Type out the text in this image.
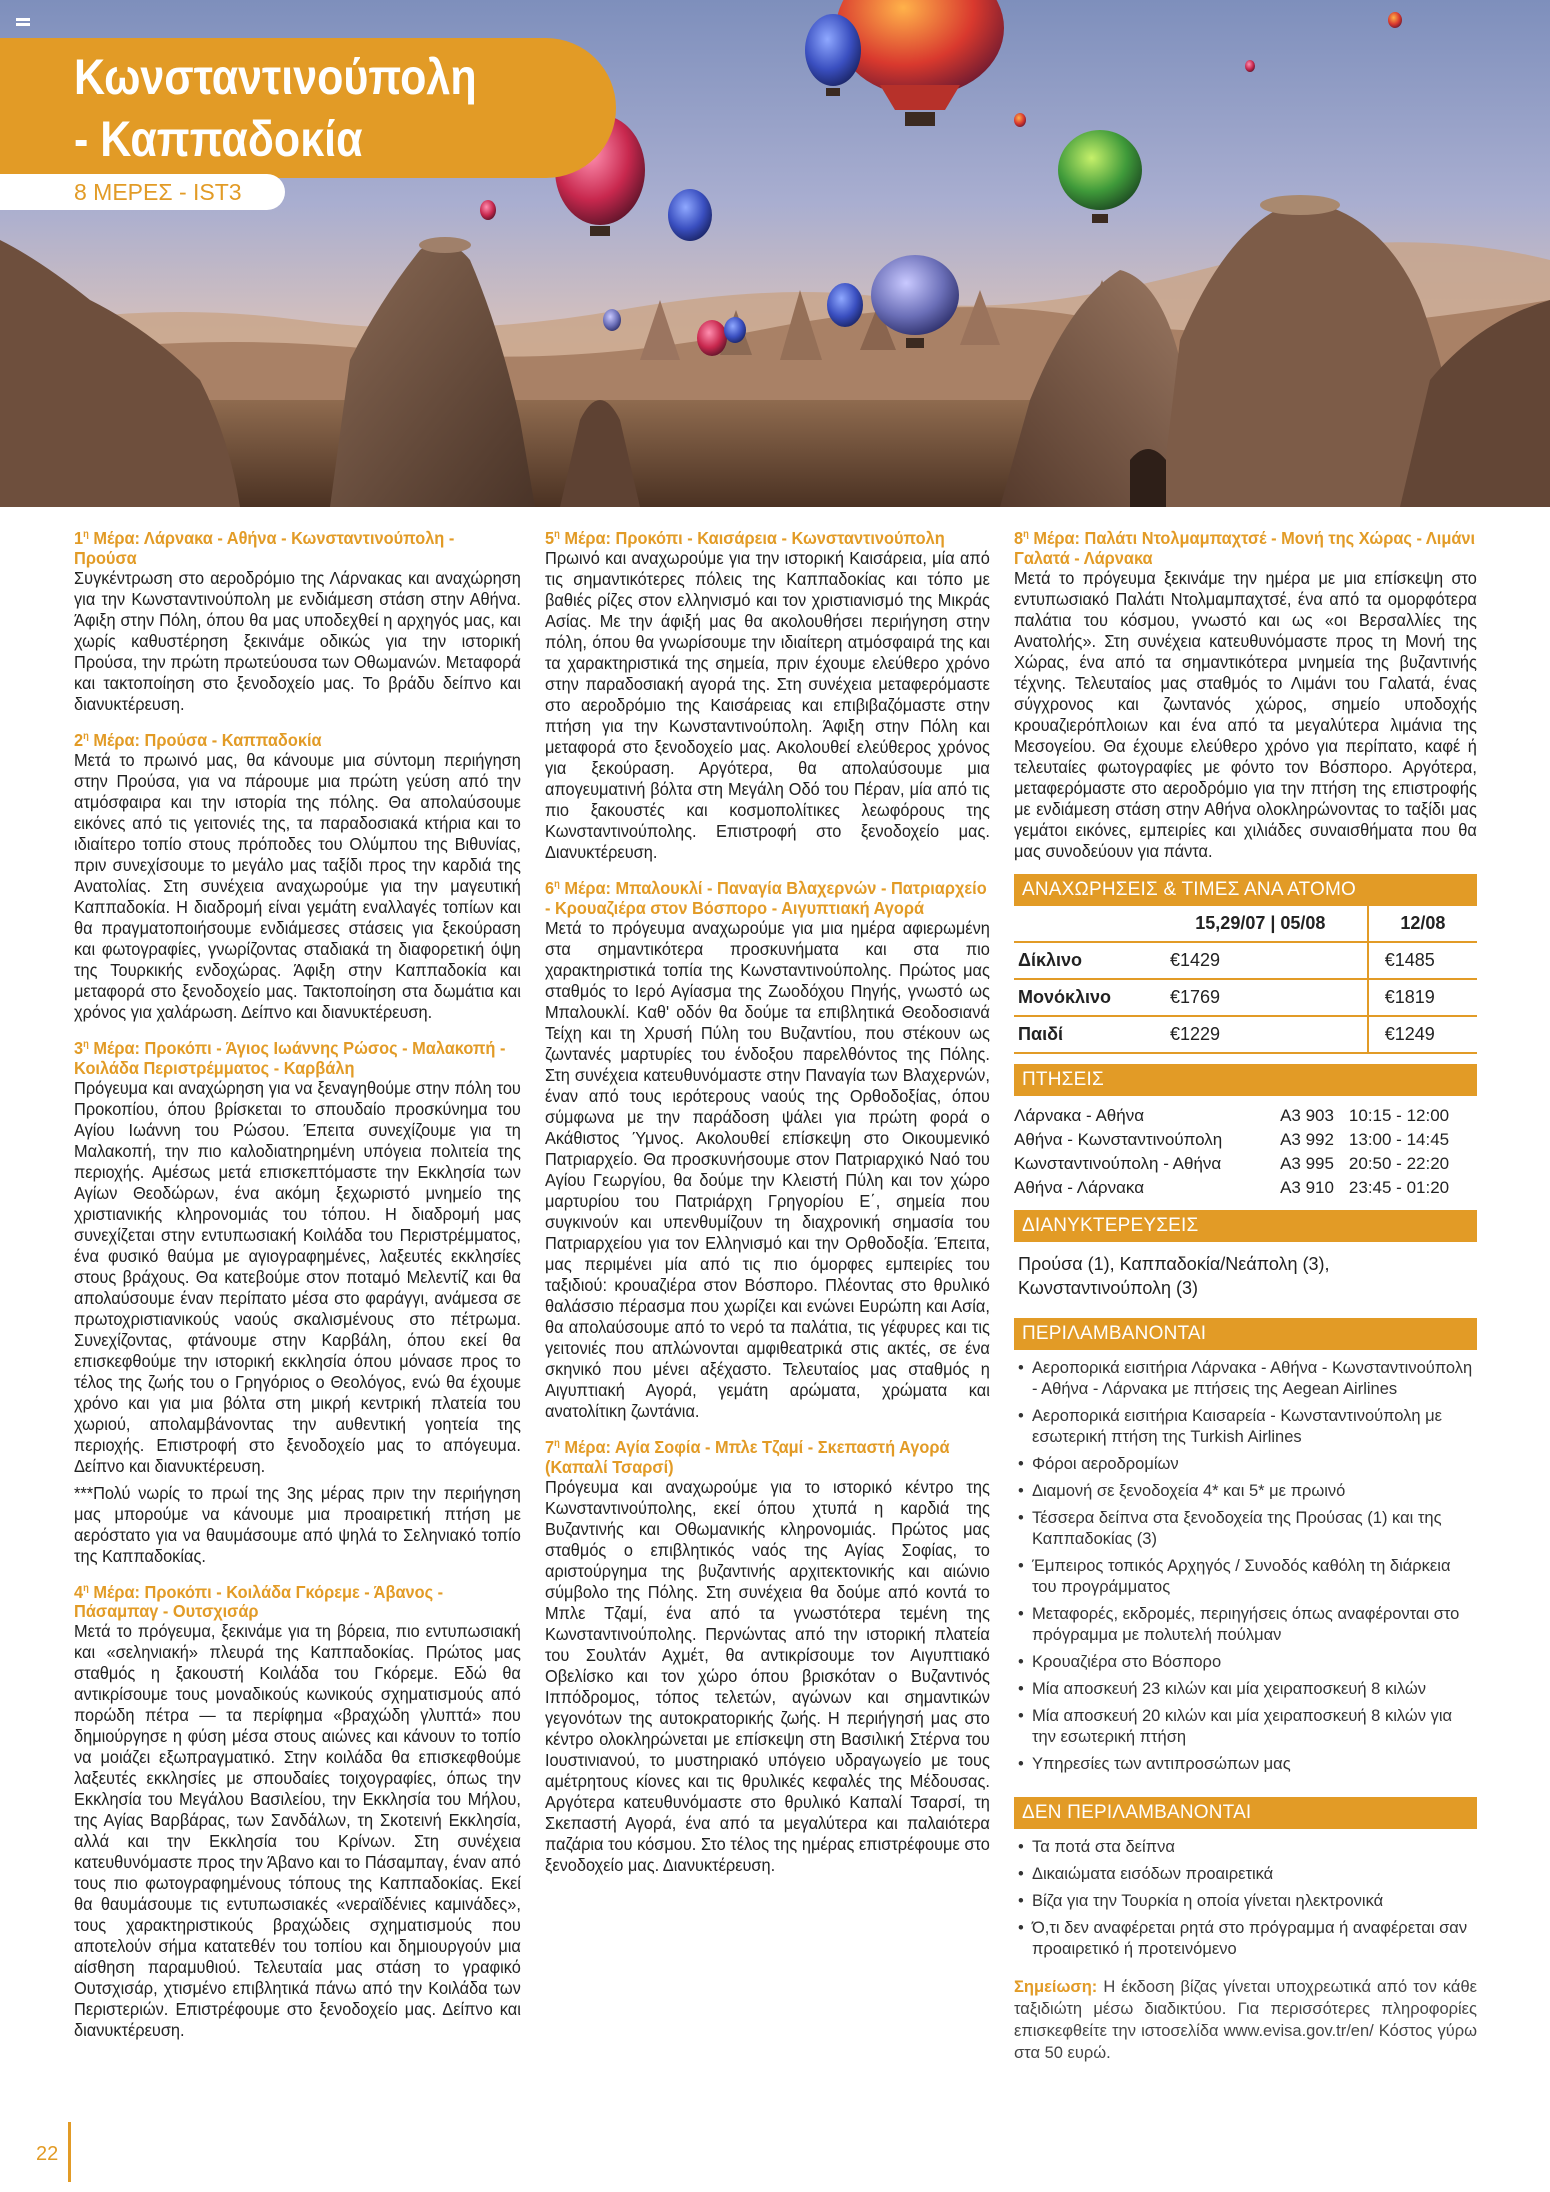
Κωνσταντινούπολη
- Καππαδοκία
8 ΜΕΡΕΣ - IST3
$1^\eta$ Μέρα: Λάρνακα - Αθήνα - Κωνσταντινούπολη - Προύσα
Συγκέντρωση στο αεροδρόμιο της Λάρνακας και αναχώρηση για την Κωνσταντινούπολη με ενδιάμεση στάση στην Αθήνα. Άφιξη στην Πόλη, όπου θα μας υποδεχθεί η αρχηγός μας, και χωρίς καθυστέρηση ξεκινάμε οδικώς για την ιστορική Προύσα, την πρώτη πρωτεύουσα των Οθωμανών. Μεταφορά και τακτοποίηση στο ξενοδοχείο μας. Το βράδυ δείπνο και διανυκτέρευση.
$2^\eta$ Μέρα: Προύσα - Καππαδοκία
Μετά το πρωινό μας, θα κάνουμε μια σύντομη περιήγηση στην Προύσα, για να πάρουμε μια πρώτη γεύση από την ατμόσφαιρα και την ιστορία της πόλης. Θα απολαύσουμε εικόνες από τις γειτονιές της, τα παραδοσιακά κτήρια και το ιδιαίτερο τοπίο στους πρόποδες του Ολύμπου της Βιθυνίας, πριν συνεχίσουμε το μεγάλο μας ταξίδι προς την καρδιά της Ανατολίας. Στη συνέχεια αναχωρούμε για την μαγευτική Καππαδοκία. Η διαδρομή είναι γεμάτη εναλλαγές τοπίων και θα πραγματοποιήσουμε ενδιάμεσες στάσεις για ξεκούραση και φωτογραφίες, γνωρίζοντας σταδιακά τη διαφορετική όψη της Τουρκικής ενδοχώρας. Άφιξη στην Καππαδοκία και μεταφορά στο ξενοδοχείο μας. Τακτοποίηση στα δωμάτια και χρόνος για χαλάρωση. Δείπνο και διανυκτέρευση.
$3^\eta$ Μέρα: Προκόπι - Άγιος Ιωάννης Ρώσος - Μαλακοπή - Κοιλάδα Περιστρέμματος - Καρβάλη
Πρόγευμα και αναχώρηση για να ξεναγηθούμε στην πόλη του Προκοπίου, όπου βρίσκεται το σπουδαίο προσκύνημα του Αγίου Ιωάννη του Ρώσου. Έπειτα συνεχίζουμε για τη Μαλακοπή, την πιο καλοδιατηρημένη υπόγεια πολιτεία της περιοχής. Αμέσως μετά επισκεπτόμαστε την Εκκλησία των Αγίων Θεοδώρων, ένα ακόμη ξεχωριστό μνημείο της χριστιανικής κληρονομιάς του τόπου. Η διαδρομή μας συνεχίζεται στην εντυπωσιακή Κοιλάδα του Περιστρέμματος, ένα φυσικό θαύμα με αγιογραφημένες, λαξευτές εκκλησίες στους βράχους. Θα κατεβούμε στον ποταμό Μελεντίζ και θα απολαύσουμε έναν περίπατο μέσα στο φαράγγι, ανάμεσα σε πρωτοχριστιανικούς ναούς σκαλισμένους στο πέτρωμα. Συνεχίζοντας, φτάνουμε στην Καρβάλη, όπου εκεί θα επισκεφθούμε την ιστορική εκκλησία όπου μόνασε προς το τέλος της ζωής του ο Γρηγόριος ο Θεολόγος, ενώ θα έχουμε χρόνο και για μια βόλτα στη μικρή κεντρική πλατεία του χωριού, απολαμβάνοντας την αυθεντική γοητεία της περιοχής. Επιστροφή στο ξενοδοχείο μας το απόγευμα. Δείπνο και διανυκτέρευση.
***Πολύ νωρίς το πρωί της 3ης μέρας πριν την περιήγηση μας μπορούμε να κάνουμε μια προαιρετική πτήση με αερόστατο για να θαυμάσουμε από ψηλά το Σεληνιακό τοπίο της Καππαδοκίας.
$4^\eta$ Μέρα: Προκόπι - Κοιλάδα Γκόρεμε - Άβανος - Πάσαμπαγ - Ουτσχισάρ
Μετά το πρόγευμα, ξεκινάμε για τη βόρεια, πιο εντυπωσιακή και «σεληνιακή» πλευρά της Καππαδοκίας. Πρώτος μας σταθμός η ξακουστή Κοιλάδα του Γκόρεμε. Εδώ θα αντικρίσουμε τους μοναδικούς κωνικούς σχηματισμούς από πορώδη πέτρα — τα περίφημα «βραχώδη γλυπτά» που δημιούργησε η φύση μέσα στους αιώνες και κάνουν το τοπίο να μοιάζει εξωπραγματικό. Στην κοιλάδα θα επισκεφθούμε λαξευτές εκκλησίες με σπουδαίες τοιχογραφίες, όπως την Εκκλησία του Μεγάλου Βασιλείου, την Εκκλησία του Μήλου, της Αγίας Βαρβάρας, των Σανδάλων, τη Σκοτεινή Εκκλησία, αλλά και την Εκκλησία του Κρίνων. Στη συνέχεια κατευθυνόμαστε προς την Άβανο και το Πάσαμπαγ, έναν από τους πιο φωτογραφημένους τόπους της Καππαδοκίας. Εκεί θα θαυμάσουμε τις εντυπωσιακές «νεραϊδένιες καμινάδες», τους χαρακτηριστικούς βραχώδεις σχηματισμούς που αποτελούν σήμα κατατεθέν του τοπίου και δημιουργούν μια αίσθηση παραμυθιού. Τελευταία μας στάση το γραφικό Ουτσχισάρ, χτισμένο επιβλητικά πάνω από την Κοιλάδα των Περιστεριών. Επιστρέφουμε στο ξενοδοχείο μας. Δείπνο και διανυκτέρευση.
$5^\eta$ Μέρα: Προκόπι - Καισάρεια - Κωνσταντινούπολη
Πρωινό και αναχωρούμε για την ιστορική Καισάρεια, μία από τις σημαντικότερες πόλεις της Καππαδοκίας και τόπο με βαθιές ρίζες στον ελληνισμό και τον χριστιανισμό της Μικράς Ασίας. Με την άφιξή μας θα ακολουθήσει περιήγηση στην πόλη, όπου θα γνωρίσουμε την ιδιαίτερη ατμόσφαιρά της και τα χαρακτηριστικά της σημεία, πριν έχουμε ελεύθερο χρόνο στην παραδοσιακή αγορά της. Στη συνέχεια μεταφερόμαστε στο αεροδρόμιο της Καισάρειας και επιβιβαζόμαστε στην πτήση για την Κωνσταντινούπολη. Άφιξη στην Πόλη και μεταφορά στο ξενοδοχείο μας. Ακολουθεί ελεύθερος χρόνος για ξεκούραση. Αργότερα, θα απολαύσουμε μια απογευματινή βόλτα στη Μεγάλη Οδό του Πέραν, μία από τις πιο ξακουστές και κοσμοπολίτικες λεωφόρους της Κωνσταντινούπολης. Επιστροφή στο ξενοδοχείο μας. Διανυκτέρευση.
$6^\eta$ Μέρα: Μπαλουκλί - Παναγία Βλαχερνών - Πατριαρχείο - Κρουαζιέρα στον Βόσπορο - Αιγυπτιακή Αγορά
Μετά το πρόγευμα αναχωρούμε για μια ημέρα αφιερωμένη στα σημαντικότερα προσκυνήματα και στα πιο χαρακτηριστικά τοπία της Κωνσταντινούπολης. Πρώτος μας σταθμός το Ιερό Αγίασμα της Ζωοδόχου Πηγής, γνωστό ως Μπαλουκλί. Καθ' οδόν θα δούμε τα επιβλητικά Θεοδοσιανά Τείχη και τη Χρυσή Πύλη του Βυζαντίου, που στέκουν ως ζωντανές μαρτυρίες του ένδοξου παρελθόντος της Πόλης. Στη συνέχεια κατευθυνόμαστε στην Παναγία των Βλαχερνών, έναν από τους ιερότερους ναούς της Ορθοδοξίας, όπου σύμφωνα με την παράδοση ψάλει για πρώτη φορά ο Ακάθιστος Ύμνος. Ακολουθεί επίσκεψη στο Οικουμενικό Πατριαρχείο. Θα προσκυνήσουμε στον Πατριαρχικό Ναό του Αγίου Γεωργίου, θα δούμε την Κλειστή Πύλη και τον χώρο μαρτυρίου του Πατριάρχη Γρηγορίου Ε΄, σημεία που συγκινούν και υπενθυμίζουν τη διαχρονική σημασία του Πατριαρχείου για τον Ελληνισμό και την Ορθοδοξία. Έπειτα, μας περιμένει μία από τις πιο όμορφες εμπειρίες του ταξιδιού: κρουαζιέρα στον Βόσπορο. Πλέοντας στο θρυλικό θαλάσσιο πέρασμα που χωρίζει και ενώνει Ευρώπη και Ασία, θα απολαύσουμε από το νερό τα παλάτια, τις γέφυρες και τις γειτονιές που απλώνονται αμφιθεατρικά στις ακτές, σε ένα σκηνικό που μένει αξέχαστο. Τελευταίος μας σταθμός η Αιγυπτιακή Αγορά, γεμάτη αρώματα, χρώματα και ανατολίτικη ζωντάνια.
$7^\eta$ Μέρα: Αγία Σοφία - Μπλε Τζαμί - Σκεπαστή Αγορά (Καπαλί Τσαρσί)
Πρόγευμα και αναχωρούμε για το ιστορικό κέντρο της Κωνσταντινούπολης, εκεί όπου χτυπά η καρδιά της Βυζαντινής και Οθωμανικής κληρονομιάς. Πρώτος μας σταθμός ο επιβλητικός ναός της Αγίας Σοφίας, το αριστούργημα της βυζαντινής αρχιτεκτονικής και αιώνιο σύμβολο της Πόλης. Στη συνέχεια θα δούμε από κοντά το Μπλε Τζαμί, ένα από τα γνωστότερα τεμένη της Κωνσταντινούπολης. Περνώντας από την ιστορική πλατεία του Σουλτάν Αχμέτ, θα αντικρίσουμε τον Αιγυπτιακό Οβελίσκο και τον χώρο όπου βρισκόταν ο Βυζαντινός Ιππόδρομος, τόπος τελετών, αγώνων και σημαντικών γεγονότων της αυτοκρατορικής ζωής. Η περιήγησή μας στο κέντρο ολοκληρώνεται με επίσκεψη στη Βασιλική Στέρνα του Ιουστινιανού, το μυστηριακό υπόγειο υδραγωγείο με τους αμέτρητους κίονες και τις θρυλικές κεφαλές της Μέδουσας. Αργότερα κατευθυνόμαστε στο θρυλικό Καπαλί Τσαρσί, τη Σκεπαστή Αγορά, ένα από τα μεγαλύτερα και παλαιότερα παζάρια του κόσμου. Στο τέλος της ημέρας επιστρέφουμε στο ξενοδοχείο μας. Διανυκτέρευση.
$8^\eta$ Μέρα: Παλάτι Ντολμαμπαχτσέ - Μονή της Χώρας - Λιμάνι Γαλατά - Λάρνακα
Μετά το πρόγευμα ξεκινάμε την ημέρα με μια επίσκεψη στο εντυπωσιακό Παλάτι Ντολμαμπαχτσέ, ένα από τα ομορφότερα παλάτια του κόσμου, γνωστό και ως «οι Βερσαλλίες της Ανατολής». Στη συνέχεια κατευθυνόμαστε προς τη Μονή της Χώρας, ένα από τα σημαντικότερα μνημεία της βυζαντινής τέχνης. Τελευταίος μας σταθμός το Λιμάνι του Γαλατά, ένας σύγχρονος και ζωντανός χώρος, σημείο υποδοχής κρουαζιερόπλοιων και ένα από τα μεγαλύτερα λιμάνια της Μεσογείου. Θα έχουμε ελεύθερο χρόνο για περίπατο, καφέ ή τελευταίες φωτογραφίες με φόντο τον Βόσπορο. Αργότερα, μεταφερόμαστε στο αεροδρόμιο για την πτήση της επιστροφής με ενδιάμεση στάση στην Αθήνα ολοκληρώνοντας το ταξίδι μας γεμάτοι εικόνες, εμπειρίες και χιλιάδες συναισθήματα που θα μας συνοδεύουν για πάντα.
ΑΝΑΧΩΡΗΣΕΙΣ & ΤΙΜΕΣ ΑΝΑ ΑΤΟΜΟ
	15,29/07 | 05/08	12/08
Δίκλινο	€1429	€1485
Μονόκλινο	€1769	€1819
Παιδί	€1229	€1249
ΠΤΗΣΕΙΣ
Λάρνακα - Αθήνα	A3 903	10:15 - 12:00
Αθήνα - Κωνσταντινούπολη	A3 992	13:00 - 14:45
Κωνσταντινούπολη - Αθήνα	A3 995	20:50 - 22:20
Αθήνα - Λάρνακα	A3 910	23:45 - 01:20
ΔΙΑΝΥΚΤΕΡΕΥΣΕΙΣ
Προύσα (1), Καππαδοκία/Νεάπολη (3), Κωνσταντινούπολη (3)
ΠΕΡΙΛΑΜΒΑΝΟΝΤΑΙ
• Αεροπορικά εισιτήρια Λάρνακα - Αθήνα - Κωνσταντινούπολη - Αθήνα - Λάρνακα με πτήσεις της Aegean Airlines
• Αεροπορικά εισιτήρια Καισαρεία - Κωνσταντινούπολη με εσωτερική πτήση της Turkish Airlines
• Φόροι αεροδρομίων
• Διαμονή σε ξενοδοχεία 4* και 5* με πρωινό
• Τέσσερα δείπνα στα ξενοδοχεία της Προύσας (1) και της Καππαδοκίας (3)
• Έμπειρος τοπικός Αρχηγός / Συνοδός καθόλη τη διάρκεια του προγράμματος
• Μεταφορές, εκδρομές, περιηγήσεις όπως αναφέρονται στο πρόγραμμα με πολυτελή πούλμαν
• Κρουαζιέρα στο Βόσπορο
• Μία αποσκευή 23 κιλών και μία χειραποσκευή 8 κιλών
• Μία αποσκευή 20 κιλών και μία χειραποσκευή 8 κιλών για την εσωτερική πτήση
• Υπηρεσίες των αντιπροσώπων μας
ΔΕΝ ΠΕΡΙΛΑΜΒΑΝΟΝΤΑΙ
• Τα ποτά στα δείπνα
• Δικαιώματα εισόδων προαιρετικά
• Βίζα για την Τουρκία η οποία γίνεται ηλεκτρονικά
• Ό,τι δεν αναφέρεται ρητά στο πρόγραμμα ή αναφέρεται σαν προαιρετικό ή προτεινόμενο
Σημείωση: Η έκδοση βίζας γίνεται υποχρεωτικά από τον κάθε ταξιδιώτη μέσω διαδικτύου. Για περισσότερες πληροφορίες επισκεφθείτε την ιστοσελίδα www.evisa.gov.tr/en/ Κόστος γύρω στα 50 ευρώ.
22
